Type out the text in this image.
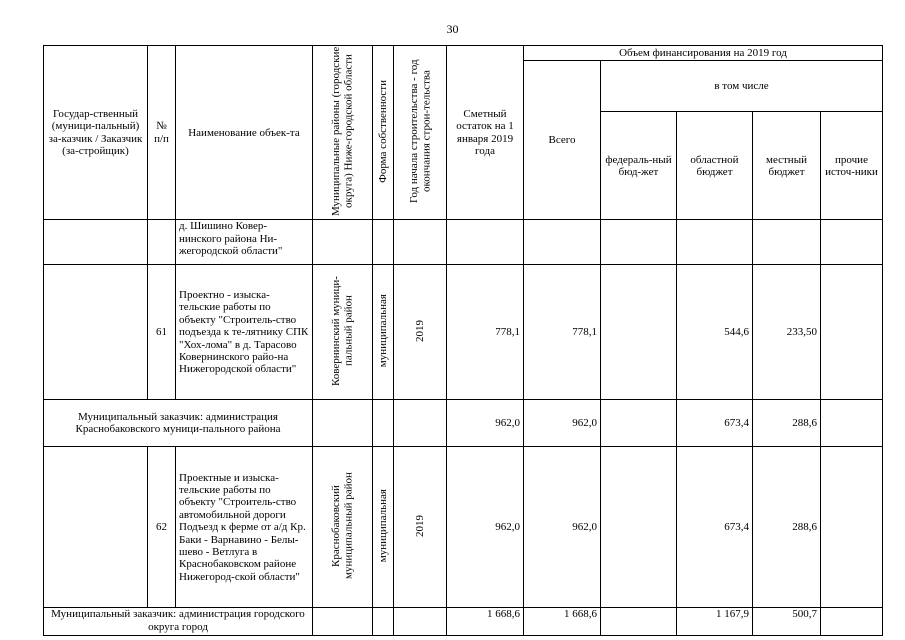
30
Государ-ственный (муници-пальный) за-казчик / Заказчик (за-стройщик)	№ п/п	Наименование объек-та	Муниципальные районы (городские округа) Ниже-городской области	Форма собственности	Год начала строительства - год окончания строи-тельства	Сметный остаток на 1 января 2019 года	Объем финансирования на 2019 год				
							Всего	в том числе			
								федераль-ный бюд-жет	областной бюджет	местный бюджет	прочие источ-ники
		д. Шишино Ковер-нинского района Ни-жегородской области"									
	61	Проектно - изыска-тельские работы по объекту "Строитель-ство подъезда к те-лятнику СПК "Хох-лома" в д. Тарасово Ковернинского райо-на Нижегородской области"	Ковернинский муници-пальный район	муниципальная	2019	778,1	778,1		544,6	233,50	
Муниципальный заказчик: администрация Краснобаковского муници-пального района						962,0	962,0		673,4	288,6	
	62	Проектные и изыска-тельские работы по объекту "Строитель-ство автомобильной дороги Подъезд к ферме от а/д Кр. Баки - Варнавино - Белы-шево - Ветлуга в Краснобаковском районе Нижегород-ской области"	Краснобаковский муниципальный район	муниципальная	2019	962,0	962,0		673,4	288,6	
Муниципальный заказчик: администрация городского округа город						1 668,6	1 668,6		1 167,9	500,7	
